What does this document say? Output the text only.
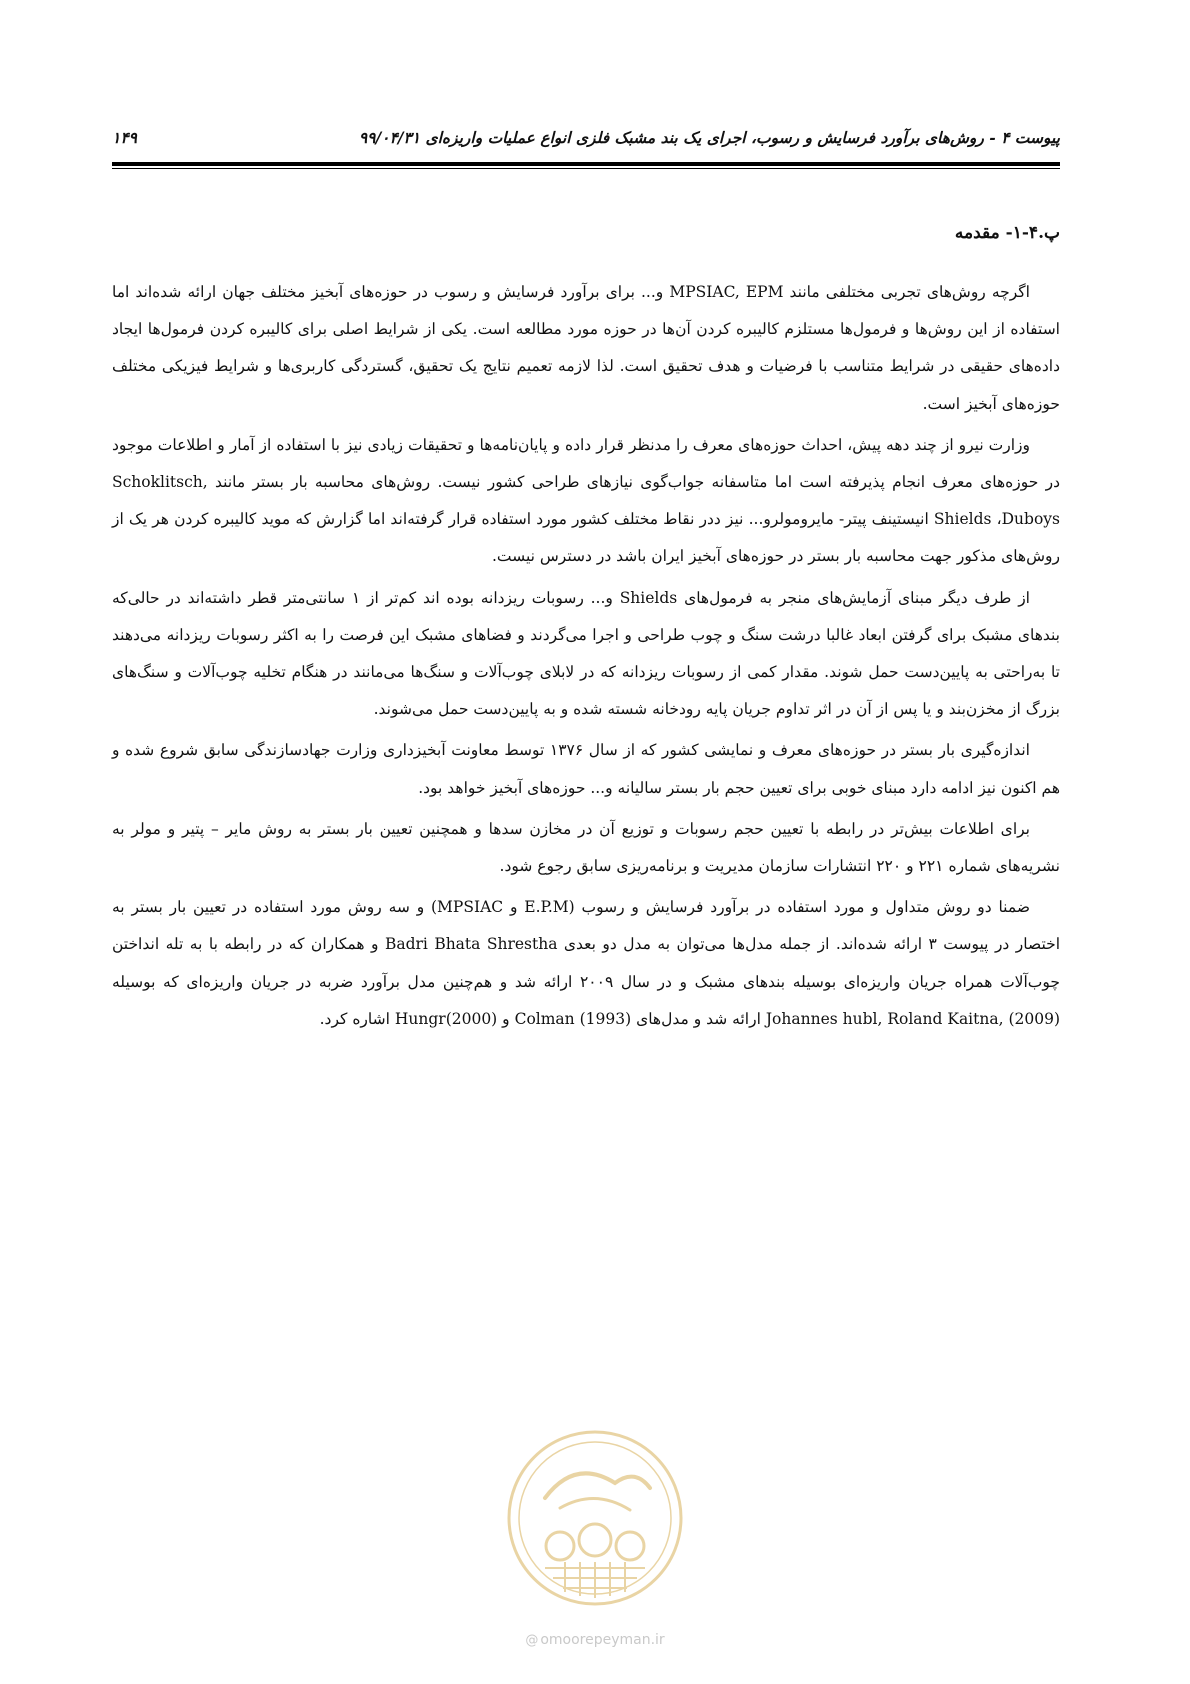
پیوست ۴ - روش‌های برآورد فرسایش و رسوب، اجرای یک بند مشبک فلزی انواع عملیات واریزه‌ای ۹۹/۰۴/۳۱
۱۴۹
پ.۴-۱- مقدمه

اگرچه روش‌های تجربی مختلفی مانند MPSIAC, EPM و... برای برآورد فرسایش و رسوب در حوزه‌های آبخیز مختلف جهان ارائه شده‌اند اما استفاده از این روش‌ها و فرمول‌ها مستلزم کالیبره کردن آن‌ها در حوزه مورد مطالعه است. یکی از شرایط اصلی برای کالیبره کردن فرمول‌ها ایجاد داده‌های حقیقی در شرایط متناسب با فرضیات و هدف تحقیق است. لذا لازمه تعمیم نتایج یک تحقیق، گستردگی کاربری‌ها و شرایط فیزیکی مختلف حوزه‌های آبخیز است.

وزارت نیرو از چند دهه پیش، احداث حوزه‌های معرف را مدنظر قرار داده و پایان‌نامه‌ها و تحقیقات زیادی نیز با استفاده از آمار و اطلاعات موجود در حوزه‌های معرف انجام پذیرفته است اما متاسفانه جواب‌گوی نیازهای طراحی کشور نیست. روش‌های محاسبه بار بستر مانند Schoklitsch, Shields ،Duboys انیستینف پیتر- مایرومولرو... نیز ددر نقاط مختلف کشور مورد استفاده قرار گرفته‌اند اما گزارش که موید کالیبره کردن هر یک از روش‌های مذکور جهت محاسبه بار بستر در حوزه‌های آبخیز ایران باشد در دسترس نیست.

از طرف دیگر مبنای آزمایش‌های منجر به فرمول‌های Shields و... رسوبات ریزدانه بوده اند کم‌تر از ۱ سانتی‌متر قطر داشته‌اند در حالی‌که بندهای مشبک برای گرفتن ابعاد غالبا درشت سنگ و چوب طراحی و اجرا می‌گردند و فضاهای مشبک این فرصت را به اکثر رسوبات ریزدانه می‌دهند تا به‌راحتی به پایین‌دست حمل شوند. مقدار کمی از رسوبات ریزدانه که در لابلای چوب‌آلات و سنگ‌ها می‌مانند در هنگام تخلیه چوب‌آلات و سنگ‌های بزرگ از مخزن‌بند و یا پس از آن در اثر تداوم جریان پایه رودخانه شسته شده و به پایین‌دست حمل می‌شوند.

اندازه‌گیری بار بستر در حوزه‌های معرف و نمایشی کشور که از سال ۱۳۷۶ توسط معاونت آبخیزداری وزارت جهادسازندگی سابق شروع شده و هم اکنون نیز ادامه دارد مبنای خوبی برای تعیین حجم بار بستر سالیانه و... حوزه‌های آبخیز خواهد بود.

برای اطلاعات بیش‌تر در رابطه با تعیین حجم رسوبات و توزیع آن در مخازن سدها و همچنین تعیین بار بستر به روش مایر – پتیر و مولر به نشریه‌های شماره ۲۲۱ و ۲۲۰ انتشارات سازمان مدیریت و برنامه‌ریزی سابق رجوع شود.

ضمنا دو روش متداول و مورد استفاده در برآورد فرسایش و رسوب (E.P.M و MPSIAC) و سه روش مورد استفاده در تعیین بار بستر به اختصار در پیوست ۳ ارائه شده‌اند. از جمله مدل‌ها می‌توان به مدل دو بعدی Badri Bhata Shrestha و همکاران که در رابطه با به تله انداختن چوب‌آلات همراه جریان واریزه‌ای بوسیله بندهای مشبک و در سال ۲۰۰۹ ارائه شد و هم‌چنین مدل برآورد ضربه در جریان واریزه‌ای که بوسیله Johannes hubl, Roland Kaitna, (2009) ارائه شد و مدل‌های (1993) Colman و Hungr(2000) اشاره کرد.

@ omoorepeyman.ir
